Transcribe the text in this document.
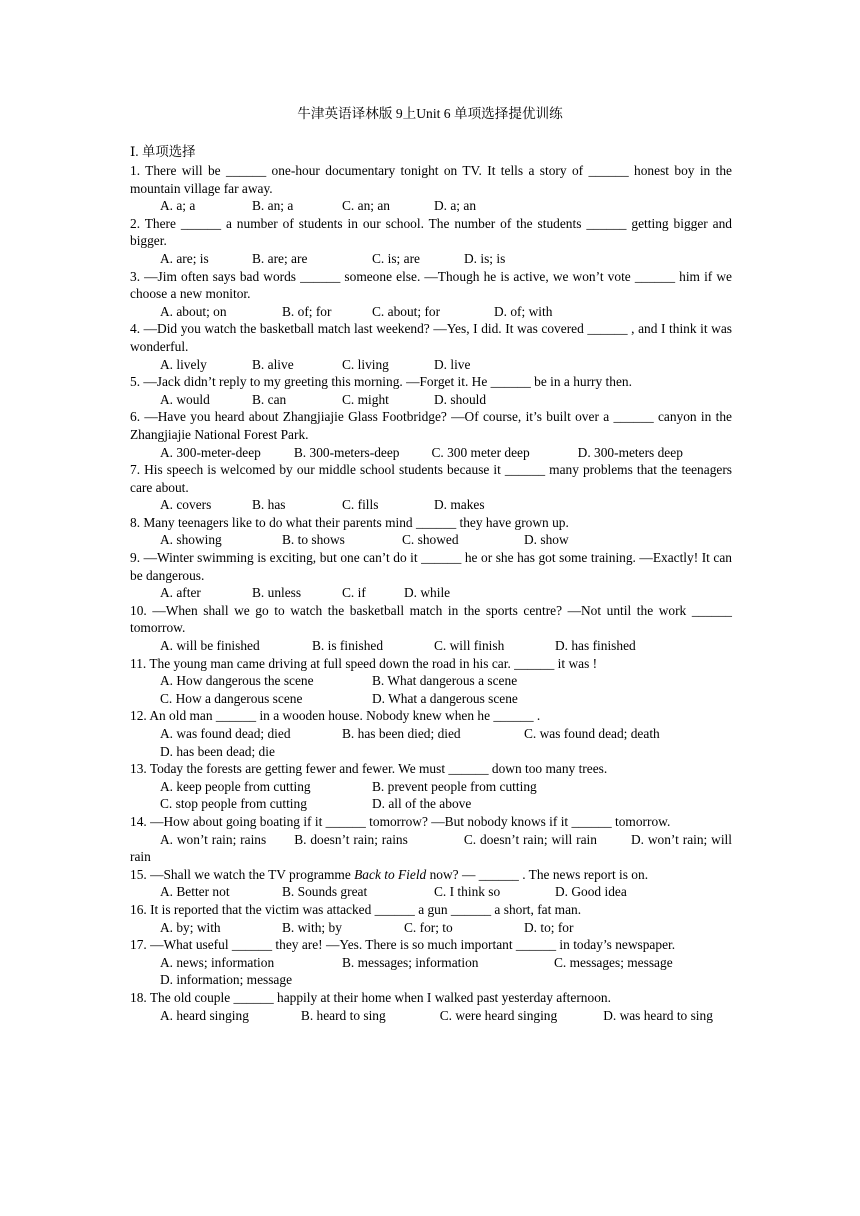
牛津英语译林版 9上Unit 6 单项选择提优训练
Ⅰ. 单项选择
1. There will be ______ one-hour documentary tonight on TV. It tells a story of ______ honest boy in the mountain village far away.
A. a; a	B. an; a	C. an; an	D. a; an
2. There ______ a number of students in our school. The number of the students ______ getting bigger and bigger.
A. are; is	B. are; are	C. is; are	D. is; is
3. —Jim often says bad words ______ someone else. —Though he is active, we won’t vote ______ him if we choose a new monitor.
A. about; on	B. of; for	C. about; for	D. of; with
4. —Did you watch the basketball match last weekend? —Yes, I did. It was covered ______ , and I think it was wonderful.
A. lively	B. alive	C. living	D. live
5. —Jack didn’t reply to my greeting this morning. —Forget it. He ______ be in a hurry then.
A. would	B. can	C. might	D. should
6. —Have you heard about Zhangjiajie Glass Footbridge? —Of course, it’s built over a ______ canyon in the Zhangjiajie National Forest Park.
A. 300-meter-deep B. 300-meters-deep C. 300 meter deep	D. 300-meters deep
7. His speech is welcomed by our middle school students because it ______ many problems that the teenagers care about.
A. covers	B. has	C. fills	D. makes
8. Many teenagers like to do what their parents mind ______ they have grown up.
A. showing	B. to shows	C. showed	D. show
9. —Winter swimming is exciting, but one can’t do it ______ he or she has got some training. —Exactly! It can be dangerous.
A. after	B. unless	C. if	D. while
10. —When shall we go to watch the basketball match in the sports centre? —Not until the work ______ tomorrow.
A. will be finished	B. is finished	C. will finish	D. has finished
11. The young man came driving at full speed down the road in his car. ______ it was !
A. How dangerous the scene	B. What dangerous a scene
C. How a dangerous scene	D. What a dangerous scene
12. An old man ______ in a wooden house. Nobody knew when he ______ .
A. was found dead; died	B. has been died; died	C. was found dead; death
D. has been dead; die
13. Today the forests are getting fewer and fewer. We must ______ down too many trees.
A. keep people from cutting	B. prevent people from cutting
C. stop people from cutting	D. all of the above
14. —How about going boating if it ______ tomorrow? —But nobody knows if it ______ tomorrow.
A. won’t rain; rains B. doesn’t rain; rains	C. doesn’t rain; will rain	D. won’t rain; will rain
15. —Shall we watch the TV programme Back to Field now? — ______ . The news report is on.
A. Better not	B. Sounds great	C. I think so	D. Good idea
16. It is reported that the victim was attacked ______ a gun ______ a short, fat man.
A. by; with	B. with; by	C. for; to	D. to; for
17. —What useful ______ they are! —Yes. There is so much important ______ in today’s newspaper.
A. news; information	B. messages; information	C. messages; message
D. information; message
18. The old couple ______ happily at their home when I walked past yesterday afternoon.
A. heard singing	B. heard to sing	C. were heard singing	D. was heard to sing
